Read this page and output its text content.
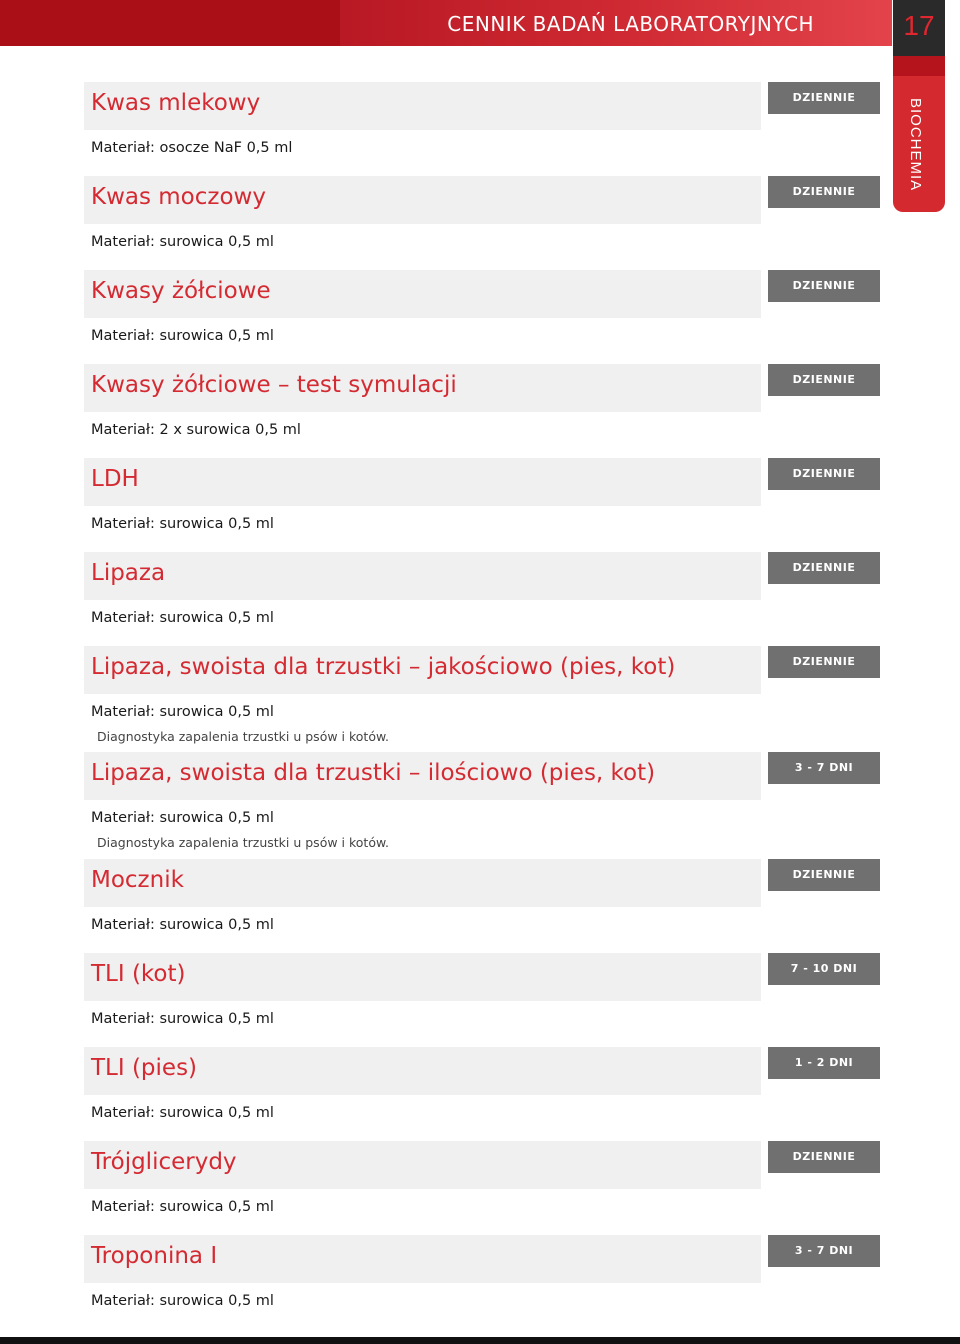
CENNIK BADAŃ LABORATORYJNYCH	17
BIOCHEMIA
Kwas mlekowy	DZIENNIE
Materiał: osocze NaF 0,5 ml
Kwas moczowy	DZIENNIE
Materiał: surowica 0,5 ml
Kwasy żółciowe	DZIENNIE
Materiał: surowica 0,5 ml
Kwasy żółciowe – test symulacji	DZIENNIE
Materiał: 2 x surowica 0,5 ml
LDH	DZIENNIE
Materiał: surowica 0,5 ml
Lipaza	DZIENNIE
Materiał: surowica 0,5 ml
Lipaza, swoista dla trzustki – jakościowo (pies, kot)	DZIENNIE
Materiał: surowica 0,5 ml
Diagnostyka zapalenia trzustki u psów i kotów.
Lipaza, swoista dla trzustki – ilościowo (pies, kot)	3 - 7 DNI
Materiał: surowica 0,5 ml
Diagnostyka zapalenia trzustki u psów i kotów.
Mocznik	DZIENNIE
Materiał: surowica 0,5 ml
TLI (kot)	7 - 10 DNI
Materiał: surowica 0,5 ml
TLI (pies)	1 - 2 DNI
Materiał: surowica 0,5 ml
Trójglicerydy	DZIENNIE
Materiał: surowica 0,5 ml
Troponina I	3 - 7 DNI
Materiał: surowica 0,5 ml
